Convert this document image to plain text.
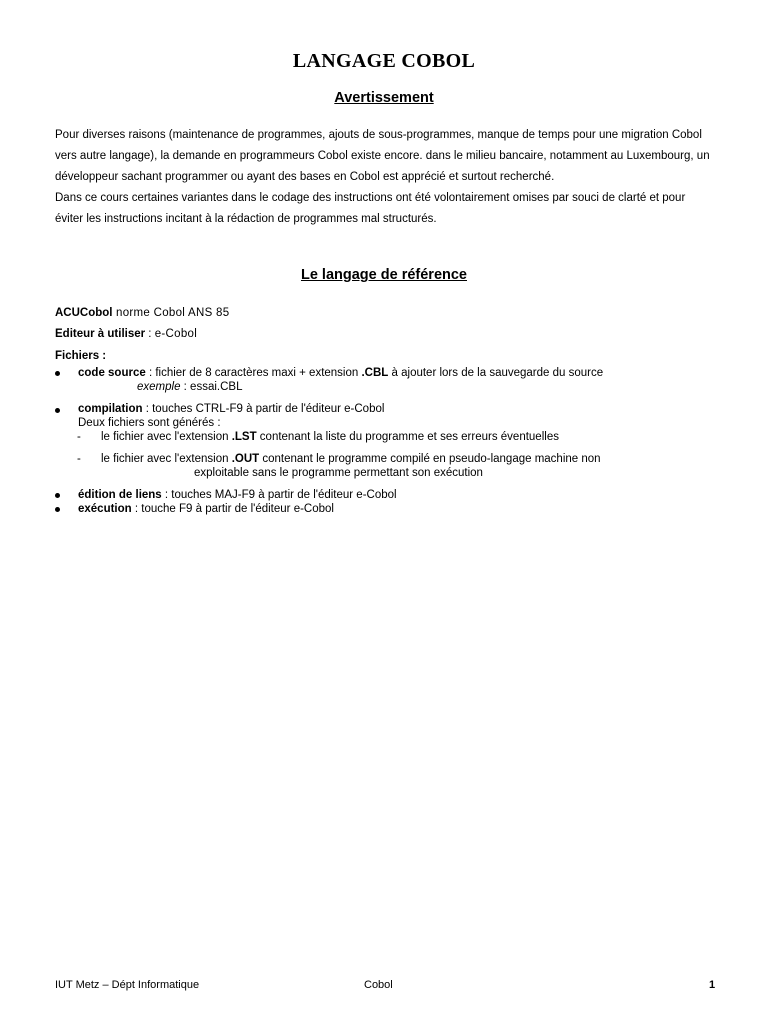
LANGAGE COBOL
Avertissement

Pour diverses raisons (maintenance de programmes, ajouts de sous-programmes, manque de temps pour une migration Cobol vers autre langage), la demande en programmeurs Cobol existe encore. dans le milieu bancaire, notamment au Luxembourg, un développeur sachant programmer ou ayant des bases en Cobol est apprécié et surtout recherché.

Dans ce cours certaines variantes dans le codage des instructions ont été volontairement omises par souci de clarté et pour éviter les instructions incitant à la rédaction de programmes mal structurés.

Le langage de référence
ACUCobol norme Cobol ANS 85
Editeur à utiliser : e-Cobol
Fichiers :
code source : fichier de 8 caractères maxi + extension .CBL à ajouter lors de la sauvegarde du source
exemple : essai.CBL
compilation : touches CTRL-F9 à partir de l'éditeur e-Cobol
Deux fichiers sont générés :
- le fichier avec l'extension .LST contenant la liste du programme et ses erreurs éventuelles
- le fichier avec l'extension .OUT contenant le programme compilé en pseudo-langage machine non
exploitable sans le programme permettant son exécution
édition de liens : touches MAJ-F9 à partir de l'éditeur e-Cobol
exécution : touche F9 à partir de l'éditeur e-Cobol
IUT Metz – Dépt Informatique	Cobol	1
